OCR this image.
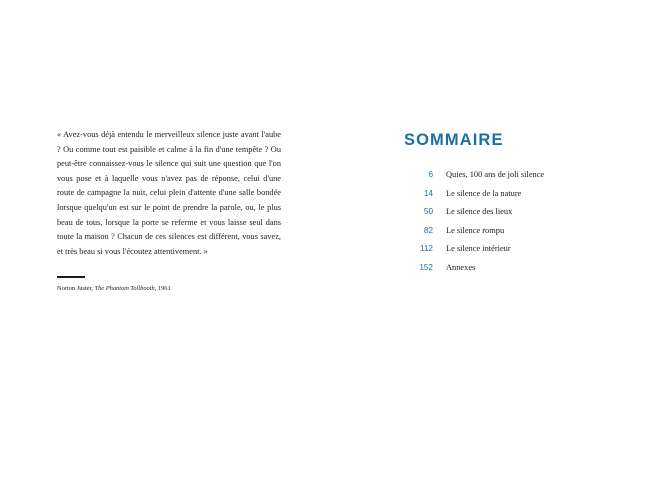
« Avez-vous déjà entendu le merveilleux silence juste avant l'aube ? Ou comme tout est paisible et calme à la fin d'une tempête ? Ou peut-être connaissez-vous le silence qui suit une question que l'on vous pose et à laquelle vous n'avez pas de réponse, celui d'une route de campagne la nuit, celui plein d'attente d'une salle bondée lorsque quelqu'un est sur le point de prendre la parole, ou, le plus beau de tous, lorsque la porte se referme et vous laisse seul dans toute la maison ? Chacun de ces silences est différent, vous savez, et très beau si vous l'écoutez attentivement. »

Norton Juster, The Phantom Tollbooth, 1961
SOMMAIRE
6 Quies, 100 ans de joli silence
14 Le silence de la nature
50 Le silence des lieux
82 Le silence rompu
112 Le silence intérieur
152 Annexes
